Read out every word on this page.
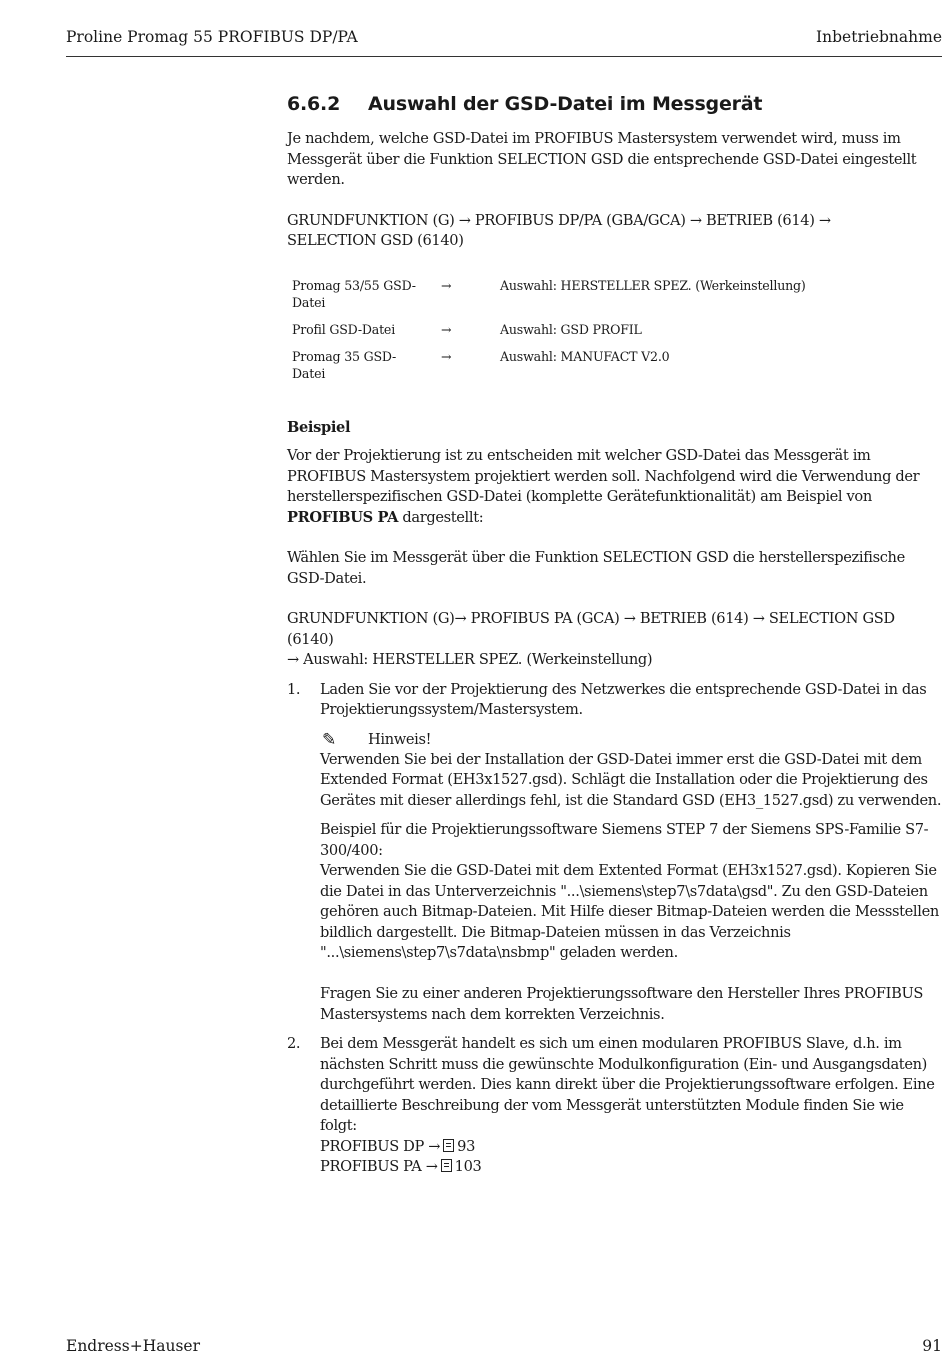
Proline Promag 55 PROFIBUS DP/PA	Inbetriebnahme
6.6.2 Auswahl der GSD-Datei im Messgerät

Je nachdem, welche GSD-Datei im PROFIBUS Mastersystem verwendet wird, muss im Messgerät über die Funktion SELECTION GSD die entsprechende GSD-Datei eingestellt werden.

GRUNDFUNKTION (G) → PROFIBUS DP/PA (GBA/GCA) → BETRIEB (614) →
SELECTION GSD (6140)

Promag 53/55 GSD-
Datei	→	Auswahl: HERSTELLER SPEZ. (Werkeinstellung)
Profil GSD-Datei	→	Auswahl: GSD PROFIL
Promag 35 GSD-Datei	→	Auswahl: MANUFACT V2.0

Beispiel

Vor der Projektierung ist zu entscheiden mit welcher GSD-Datei das Messgerät im PROFIBUS Mastersystem projektiert werden soll. Nachfolgend wird die Verwendung der herstellerspezifischen GSD-Datei (komplette Gerätefunktionalität) am Beispiel von PROFIBUS PA dargestellt:

Wählen Sie im Messgerät über die Funktion SELECTION GSD die herstellerspezifische GSD-Datei.

GRUNDFUNKTION (G)→ PROFIBUS PA (GCA) → BETRIEB (614) → SELECTION GSD (6140)
→ Auswahl: HERSTELLER SPEZ. (Werkeinstellung)

1. Laden Sie vor der Projektierung des Netzwerkes die entsprechende GSD-Datei in das Projektierungssystem/Mastersystem.

✎ Hinweis!

Verwenden Sie bei der Installation der GSD-Datei immer erst die GSD-Datei mit dem Extended Format (EH3x1527.gsd). Schlägt die Installation oder die Projektierung des Gerätes mit dieser allerdings fehl, ist die Standard GSD (EH3_1527.gsd) zu verwenden.

Beispiel für die Projektierungssoftware Siemens STEP 7 der Siemens SPS-Familie S7-300/400:

Verwenden Sie die GSD-Datei mit dem Extented Format (EH3x1527.gsd). Kopieren Sie die Datei in das Unterverzeichnis "...\siemens\step7\s7data\gsd". Zu den GSD-Dateien gehören auch Bitmap-Dateien. Mit Hilfe dieser Bitmap-Dateien werden die Messstellen bildlich dargestellt. Die Bitmap-Dateien müssen in das Verzeichnis "...\siemens\step7\s7data\nsbmp" geladen werden.

Fragen Sie zu einer anderen Projektierungssoftware den Hersteller Ihres PROFIBUS Mastersystems nach dem korrekten Verzeichnis.

2. Bei dem Messgerät handelt es sich um einen modularen PROFIBUS Slave, d.h. im nächsten Schritt muss die gewünschte Modulkonfiguration (Ein- und Ausgangsdaten) durchgeführt werden. Dies kann direkt über die Projektierungssoftware erfolgen. Eine detaillierte Beschreibung der vom Messgerät unterstützten Module finden Sie wie folgt:

PROFIBUS DP → 93

PROFIBUS PA → 103

Endress+Hauser	91
